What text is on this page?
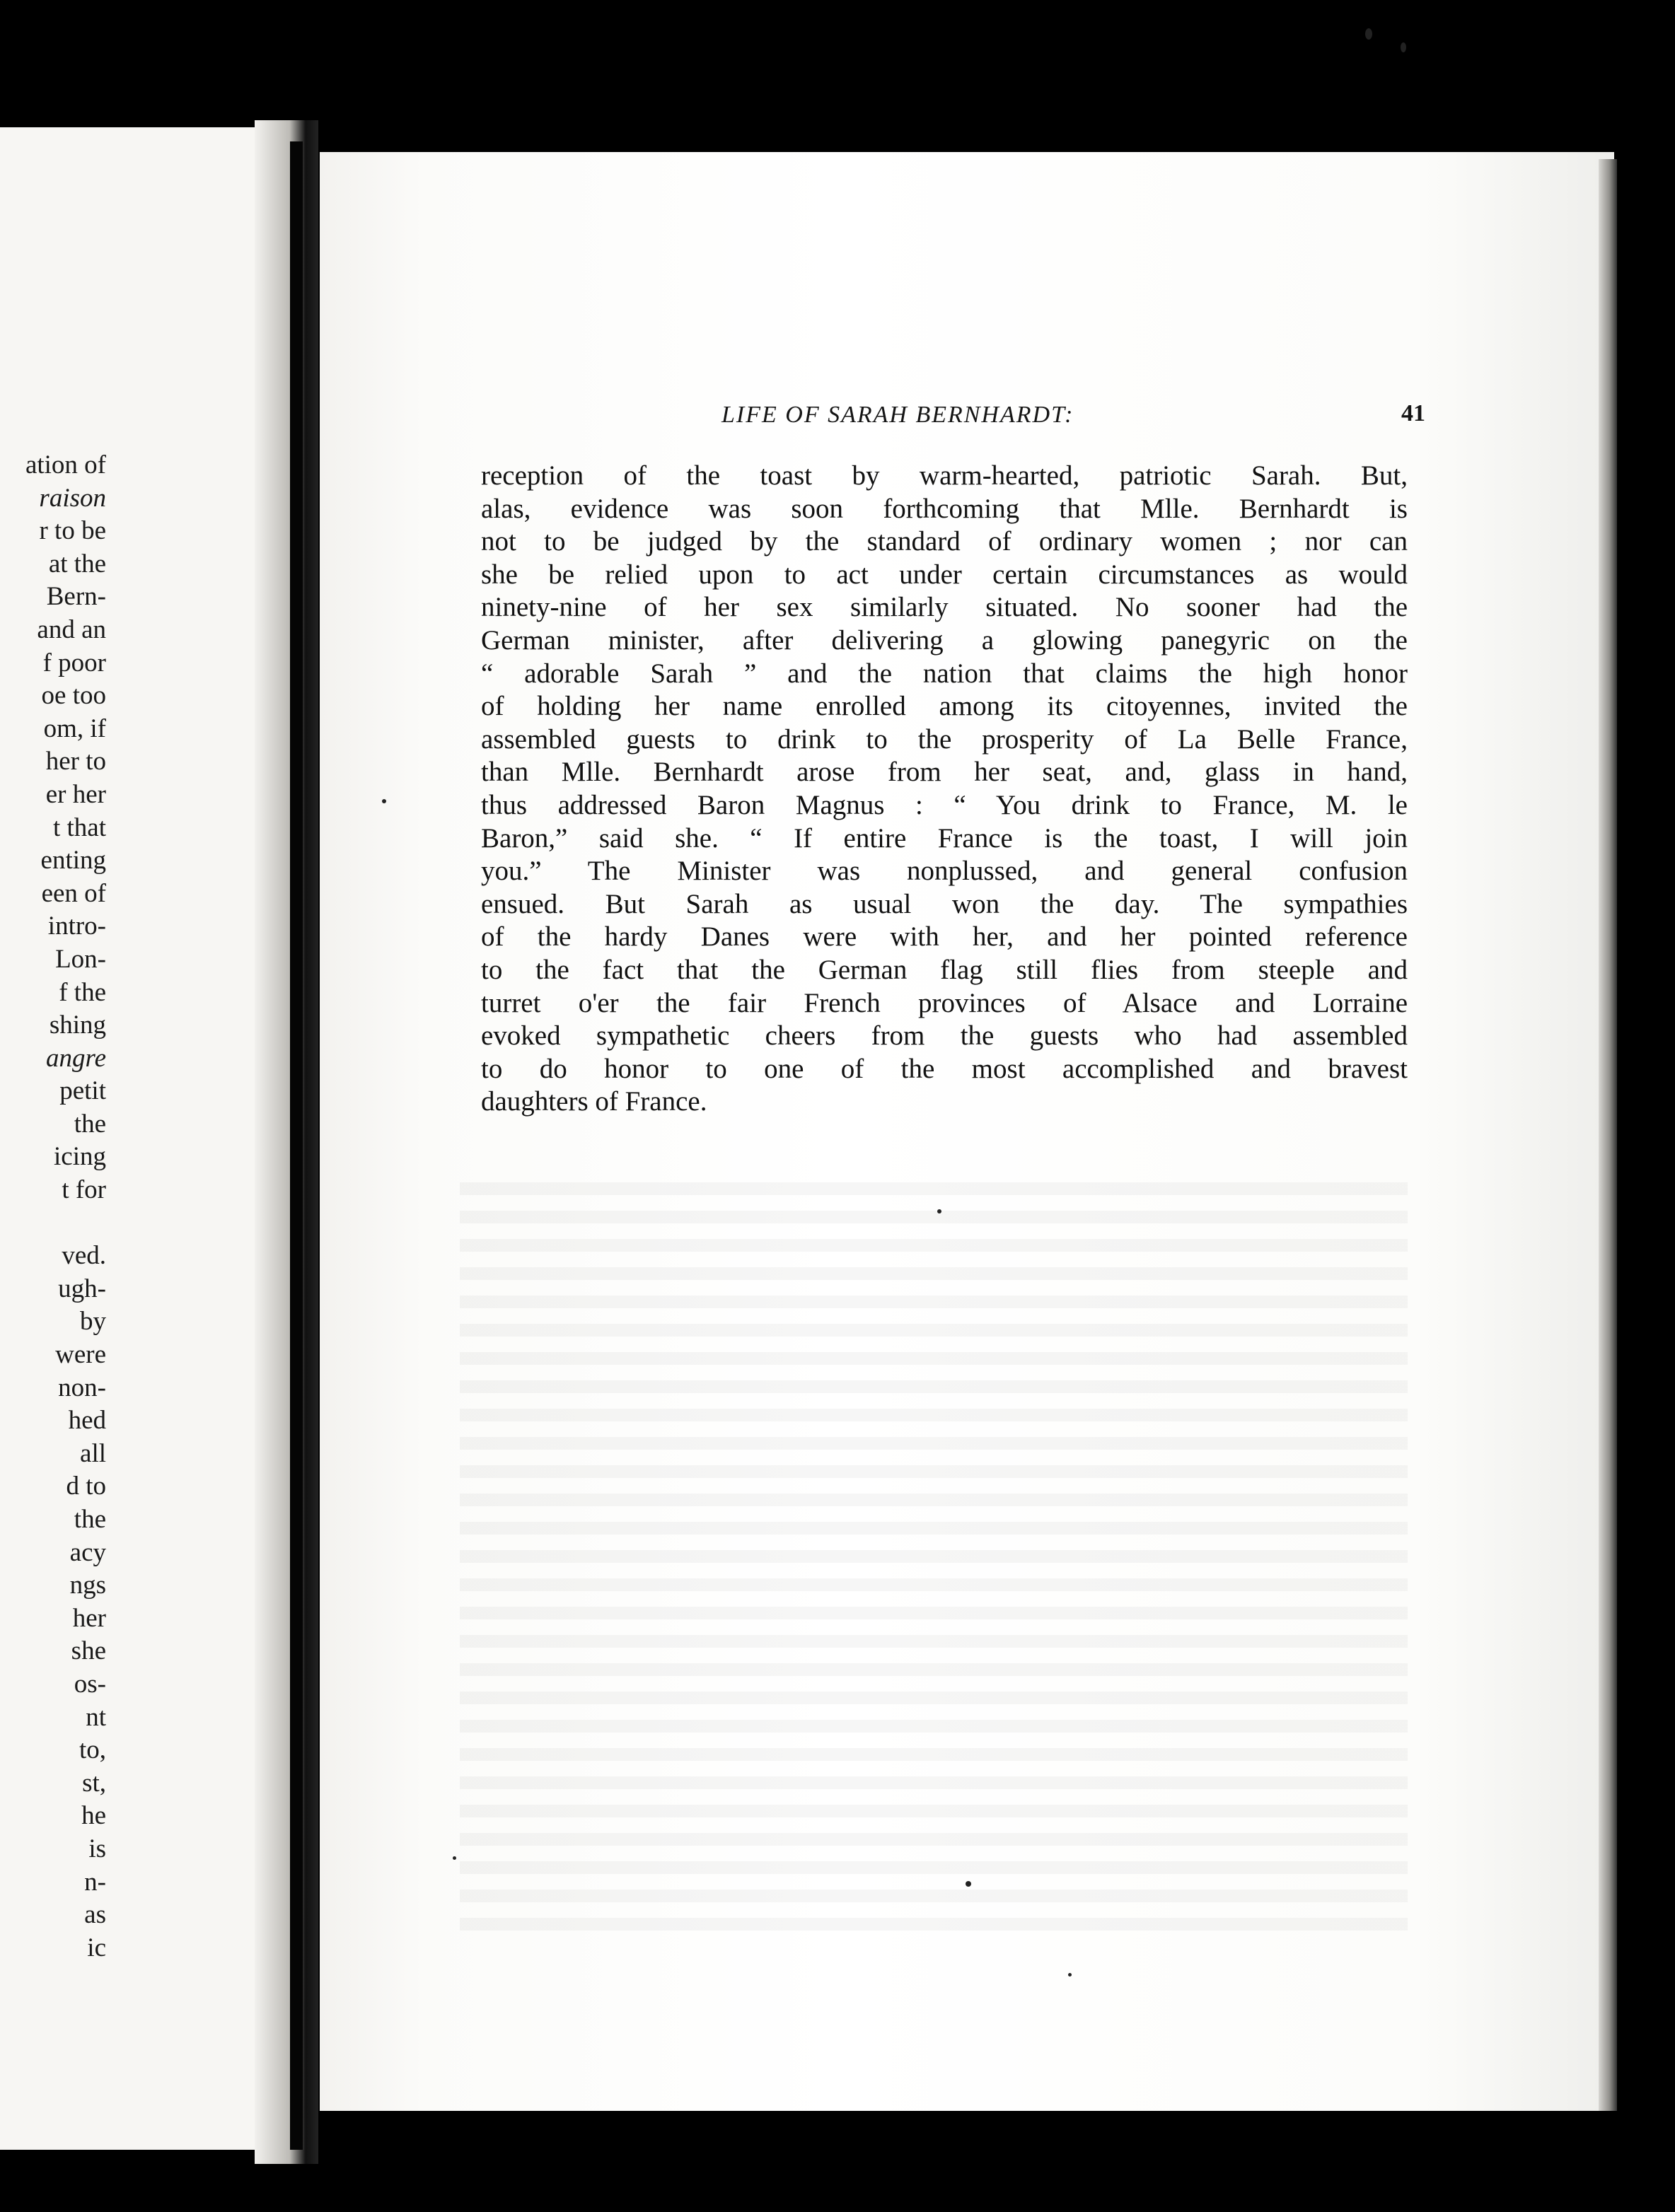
ation of
raison
r to be
at the
Bern-
and an
f poor
oe too
om, if
her to
er her
t that
enting
een of
intro-
Lon-
f the
shing
angre
petit
the
icing
t for
ved.
ugh-
by
were
non-
hed
all
d to
the
acy
ngs
her
she
os-
nt
to,
st,
he
is
n-
as
ic
LIFE OF SARAH BERNHARDT:	41
reception of the toast by warm-hearted, patriotic Sarah. But,
alas, evidence was soon forthcoming that Mlle. Bernhardt is
not to be judged by the standard of ordinary women ; nor can
she be relied upon to act under certain circumstances as would
ninety-nine of her sex similarly situated. No sooner had the
German minister, after delivering a glowing panegyric on the
“ adorable Sarah ” and the nation that claims the high honor
of holding her name enrolled among its citoyennes, invited the
assembled guests to drink to the prosperity of La Belle France,
than Mlle. Bernhardt arose from her seat, and, glass in hand,
thus addressed Baron Magnus : “ You drink to France, M. le
Baron,” said she. “ If entire France is the toast, I will join
you.” The Minister was nonplussed, and general confusion
ensued. But Sarah as usual won the day. The sympathies
of the hardy Danes were with her, and her pointed reference
to the fact that the German flag still flies from steeple and
turret o'er the fair French provinces of Alsace and Lorraine
evoked sympathetic cheers from the guests who had assembled
to do honor to one of the most accomplished and bravest
daughters of France.
